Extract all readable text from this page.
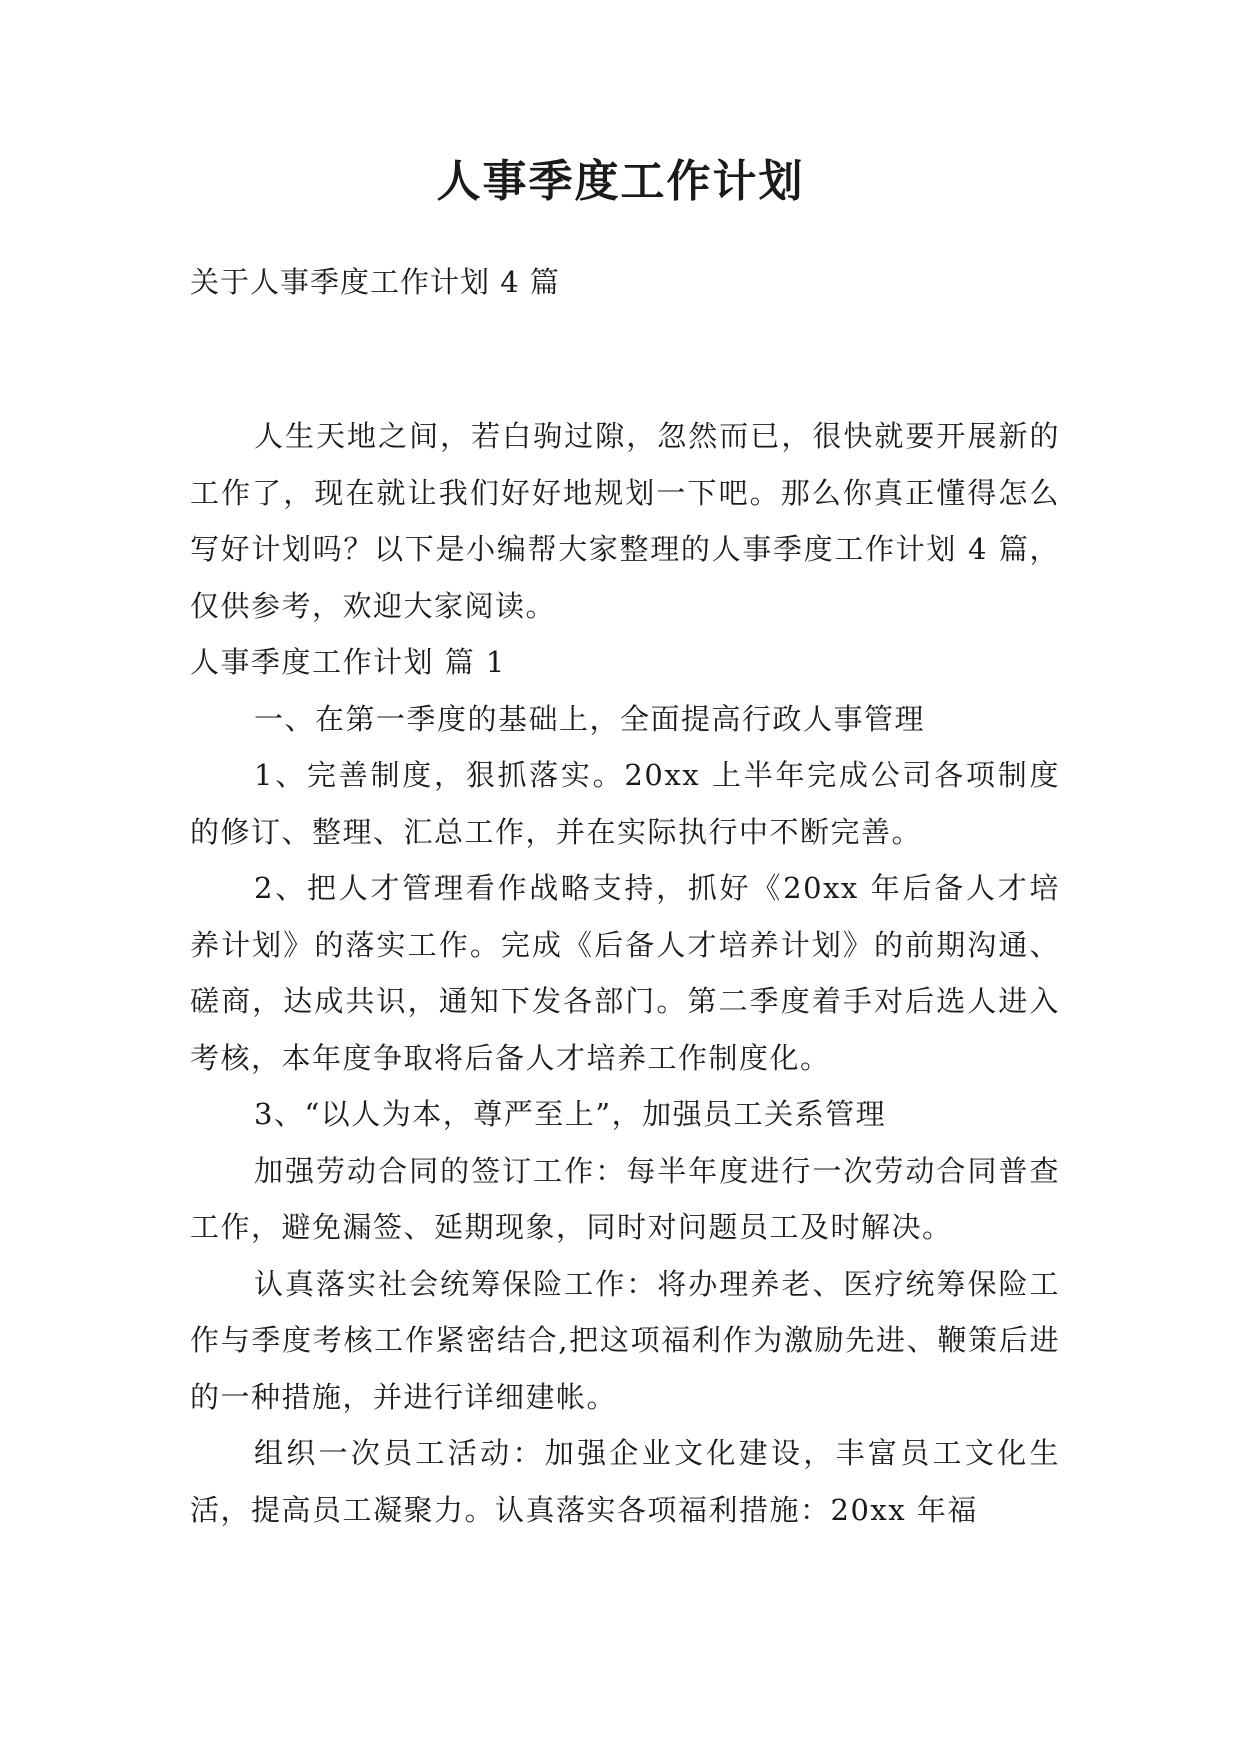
人事季度工作计划

关于人事季度工作计划 4 篇

人生天地之间，若白驹过隙，忽然而已，很快就要开展新的工作了，现在就让我们好好地规划一下吧。那么你真正懂得怎么写好计划吗？以下是小编帮大家整理的人事季度工作计划 4 篇，仅供参考，欢迎大家阅读。

人事季度工作计划 篇 1

一、在第一季度的基础上，全面提高行政人事管理

1、完善制度，狠抓落实。20xx 上半年完成公司各项制度的修订、整理、汇总工作，并在实际执行中不断完善。

2、把人才管理看作战略支持，抓好《20xx 年后备人才培养计划》的落实工作。完成《后备人才培养计划》的前期沟通、磋商，达成共识，通知下发各部门。第二季度着手对后选人进入考核，本年度争取将后备人才培养工作制度化。

3、“以人为本，尊严至上”，加强员工关系管理

加强劳动合同的签订工作：每半年度进行一次劳动合同普查工作，避免漏签、延期现象，同时对问题员工及时解决。

认真落实社会统筹保险工作：将办理养老、医疗统筹保险工作与季度考核工作紧密结合,把这项福利作为激励先进、鞭策后进的一种措施，并进行详细建帐。

组织一次员工活动：加强企业文化建设，丰富员工文化生活，提高员工凝聚力。认真落实各项福利措施：20xx 年福
